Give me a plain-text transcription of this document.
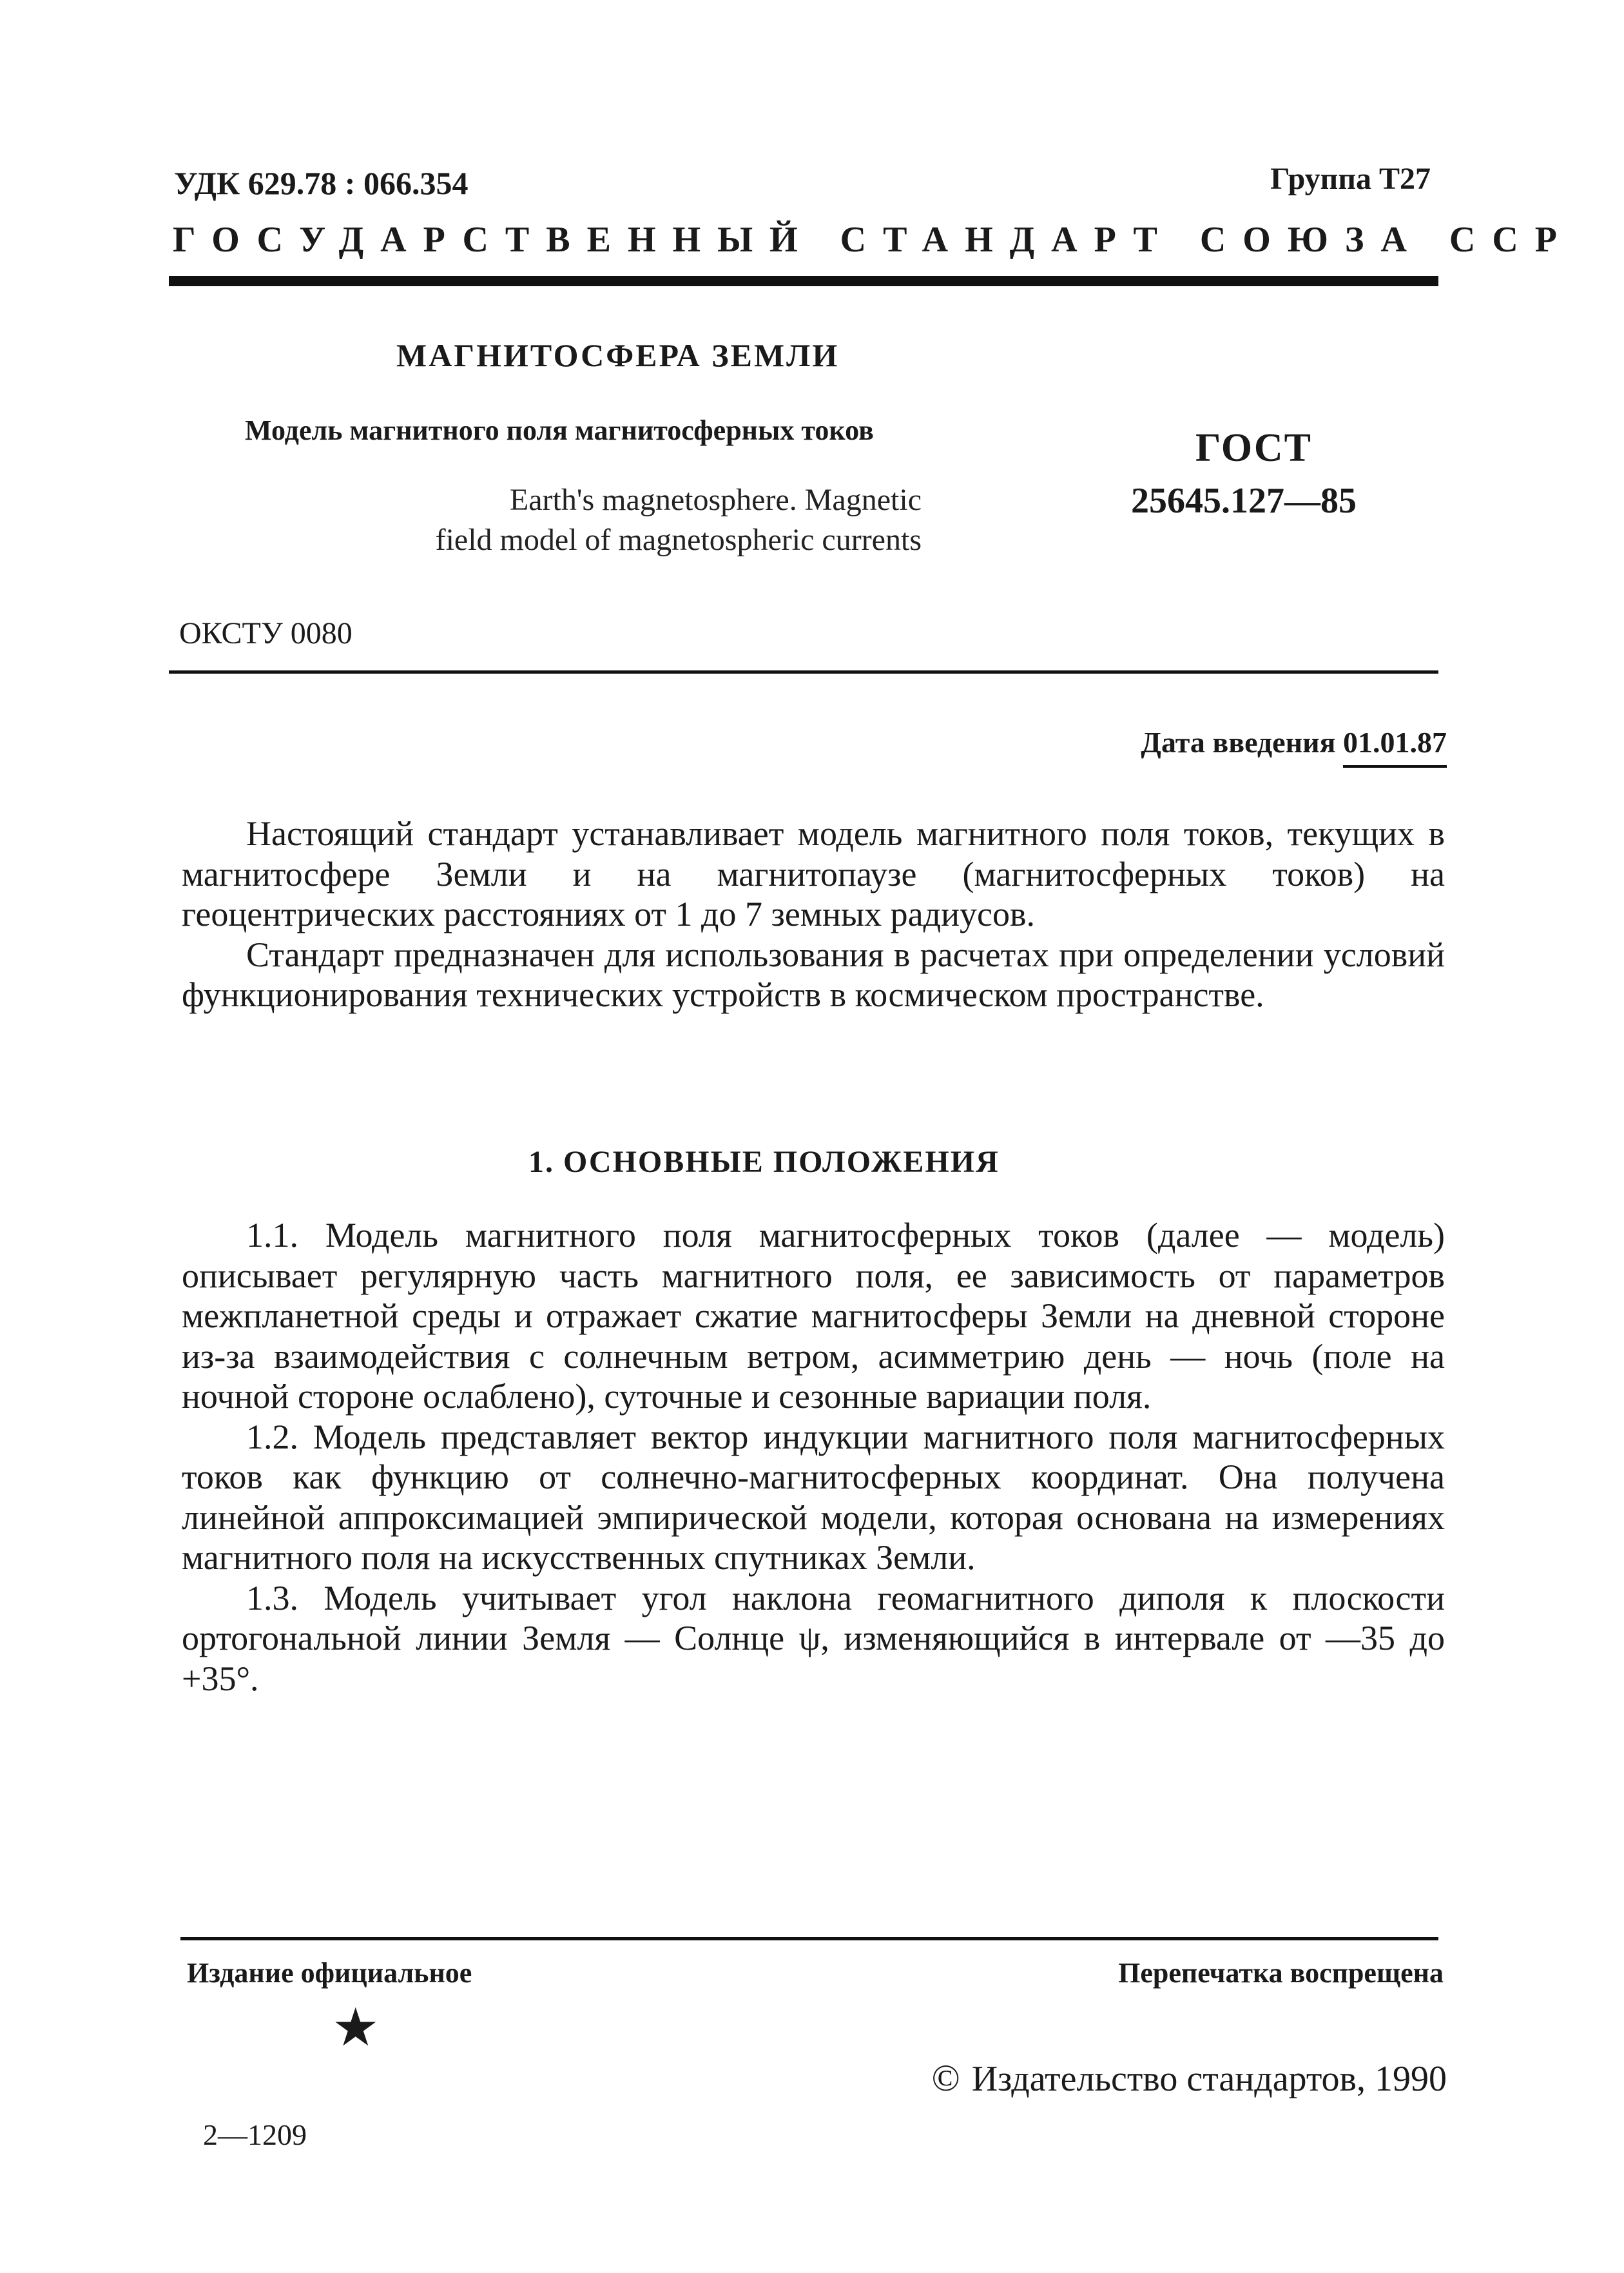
УДК 629.78 : 066.354	Группа Т27
ГОСУДАРСТВЕННЫЙ СТАНДАРТ СОЮЗА ССР
МАГНИТОСФЕРА ЗЕМЛИ
Модель магнитного поля магнитосферных токов
Earth's magnetosphere. Magnetic
field model of magnetospheric currents
ГОСТ
25645.127—85
ОКСТУ 0080
Дата введения 01.01.87

Настоящий стандарт устанавливает модель магнитного поля токов, текущих в магнитосфере Земли и на магнитопаузе (магнитосферных токов) на геоцентрических расстояниях от 1 до 7 земных радиусов.

Стандарт предназначен для использования в расчетах при определении условий функционирования технических устройств в космическом пространстве.

1. ОСНОВНЫЕ ПОЛОЖЕНИЯ

1.1. Модель магнитного поля магнитосферных токов (далее — модель) описывает регулярную часть магнитного поля, ее зависимость от параметров межпланетной среды и отражает сжатие магнитосферы Земли на дневной стороне из-за взаимодействия с солнечным ветром, асимметрию день — ночь (поле на ночной стороне ослаблено), суточные и сезонные вариации поля.

1.2. Модель представляет вектор индукции магнитного поля магнитосферных токов как функцию от солнечно-магнитосферных координат. Она получена линейной аппроксимацией эмпирической модели, которая основана на измерениях магнитного поля на искусственных спутниках Земли.

1.3. Модель учитывает угол наклона геомагнитного диполя к плоскости ортогональной линии Земля — Солнце ψ, изменяющийся в интервале от —35 до +35°.

Издание официальное	Перепечатка воспрещена
★
© Издательство стандартов, 1990
2—1209
